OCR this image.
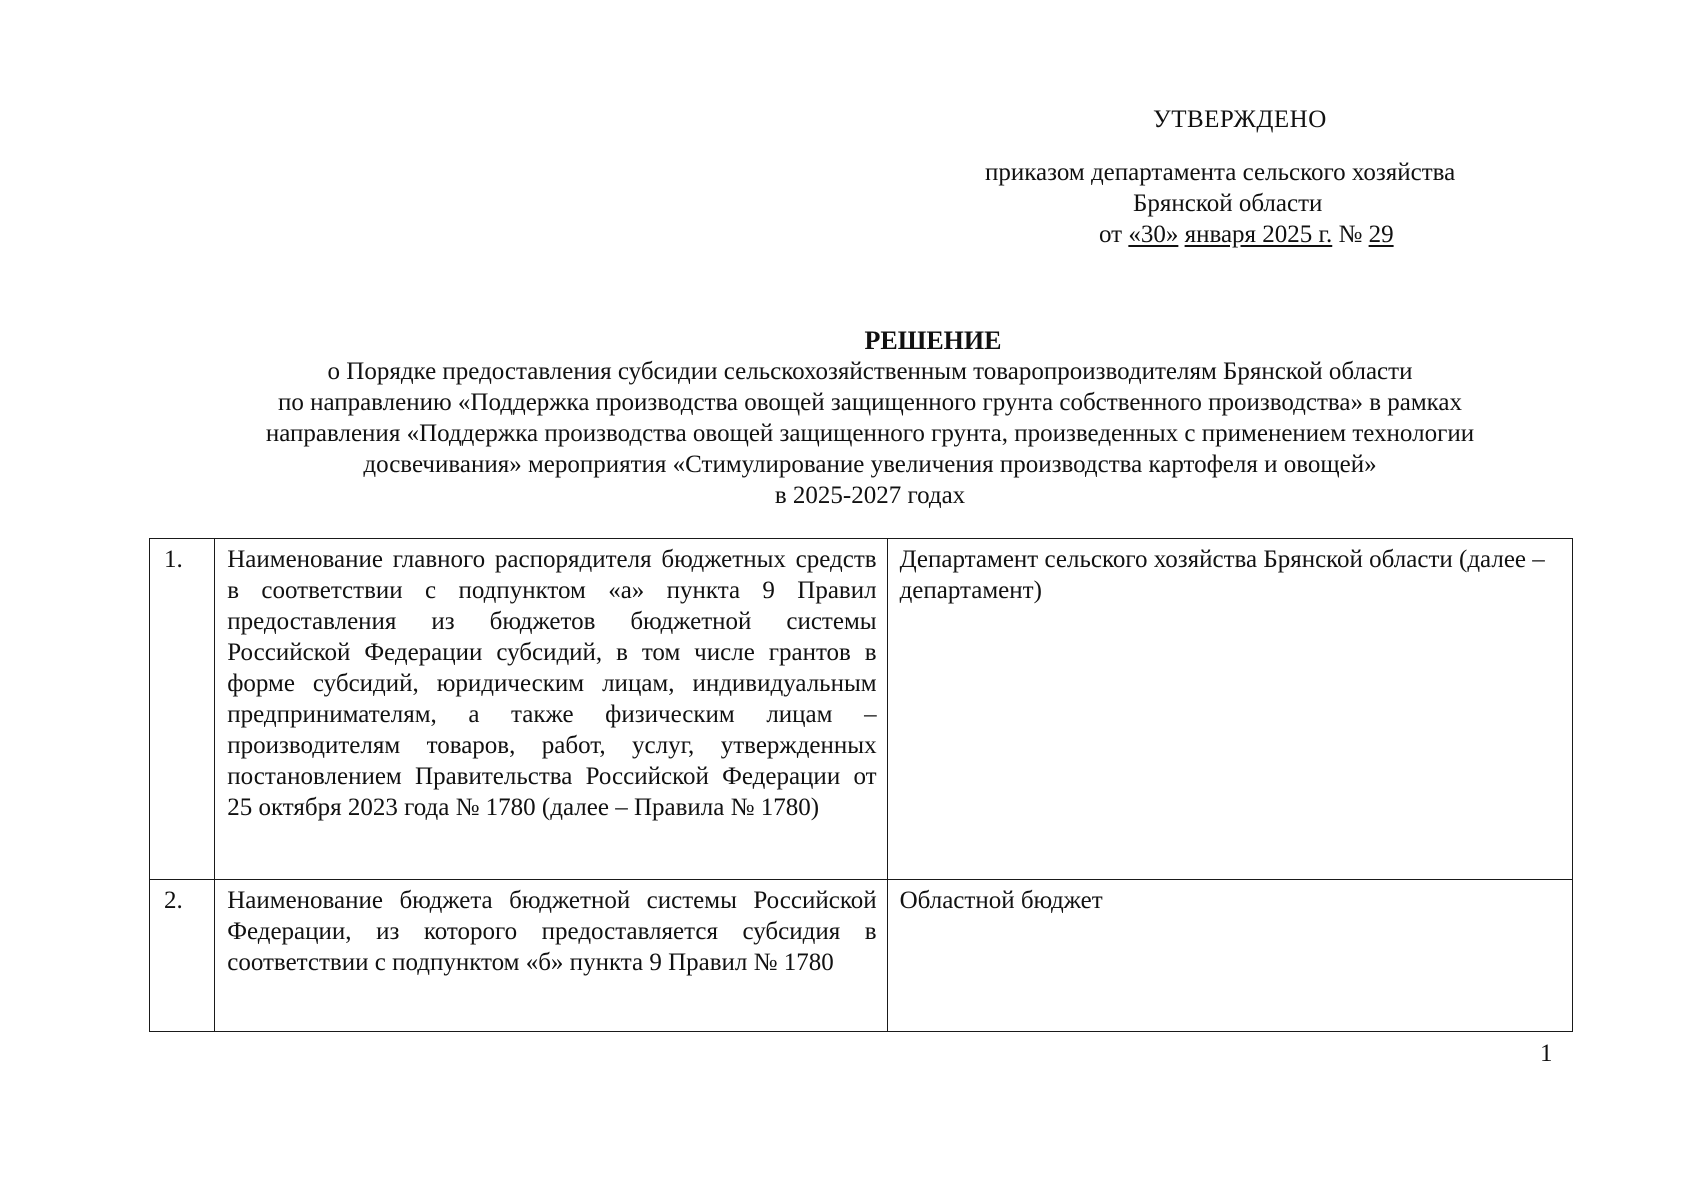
УТВЕРЖДЕНО
приказом департамента сельского хозяйства
Брянской области
от «30» января 2025 г. № 29
РЕШЕНИЕ
о Порядке предоставления субсидии сельскохозяйственным товаропроизводителям Брянской области
по направлению «Поддержка производства овощей защищенного грунта собственного производства» в рамках
направления «Поддержка производства овощей защищенного грунта, произведенных с применением технологии
досвечивания» мероприятия «Стимулирование увеличения производства картофеля и овощей»
в 2025-2027 годах
1.	Наименование главного распорядителя бюджетных средств в соответствии с подпунктом «а» пункта 9 Правил предоставления из бюджетов бюджетной системы Российской Федерации субсидий, в том числе грантов в форме субсидий, юридическим лицам, индивидуальным предпринимателям, а также физическим лицам – производителям товаров, работ, услуг, утвержденных постановлением Правительства Российской Федерации от 25 октября 2023 года № 1780 (далее – Правила № 1780)	Департамент сельского хозяйства Брянской области (далее – департамент)
2.	Наименование бюджета бюджетной системы Российской Федерации, из которого предоставляется субсидия в соответствии с подпунктом «б» пункта 9 Правил № 1780	Областной бюджет
1
